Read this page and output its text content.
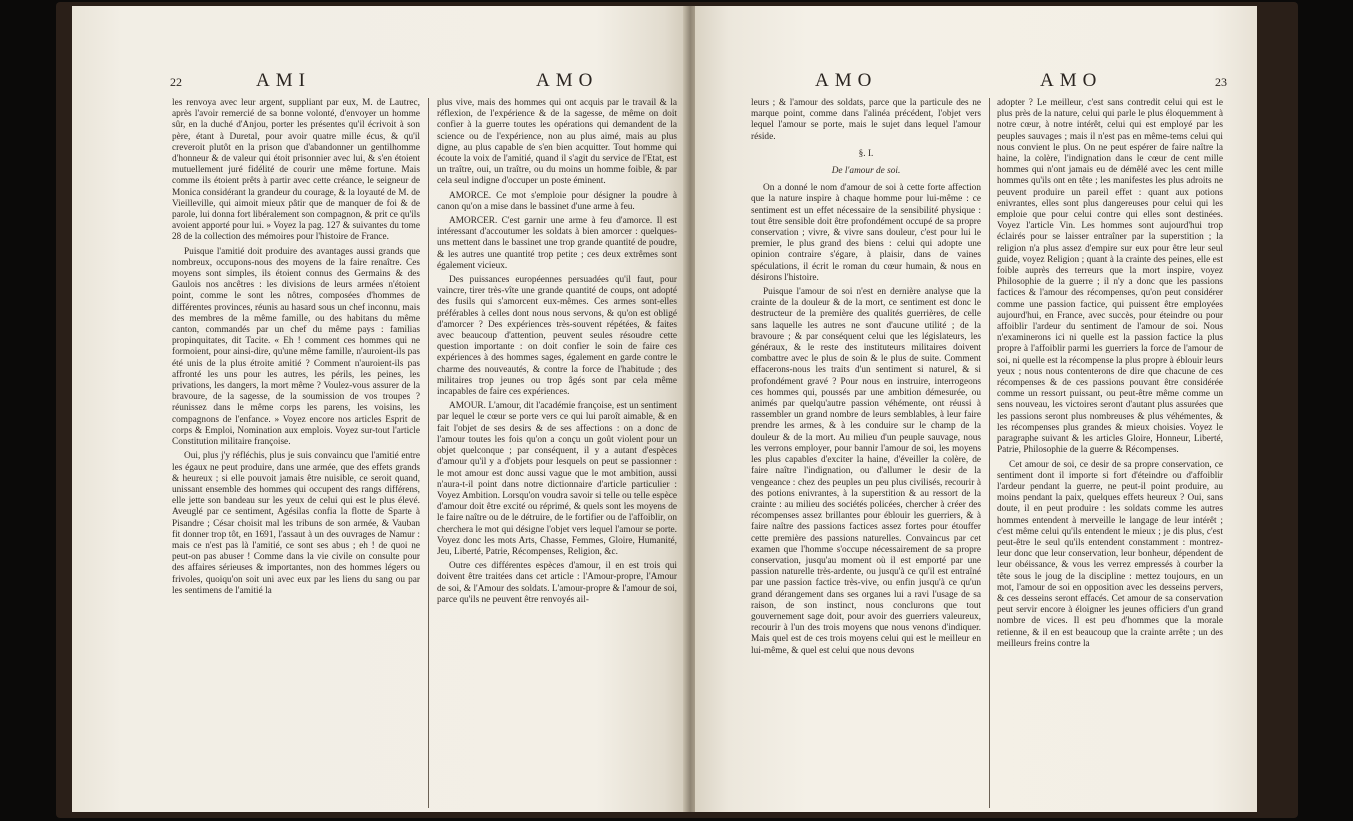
22	AMI	AMO

les renvoya avec leur argent, suppliant par eux, M. de Lautrec, après l'avoir remercié de sa bonne volonté, d'envoyer un homme sûr, en la duché d'Anjou, porter les présentes qu'il écrivoit à son père, étant à Duretal, pour avoir quatre mille écus, & qu'il creveroit plutôt en la prison que d'abandonner un gentilhomme d'honneur & de valeur qui étoit prisonnier avec lui, & s'en étoient mutuellement juré fidélité de courir une même fortune. Mais comme ils étoient prêts à partir avec cette créance, le seigneur de Monica considérant la grandeur du courage, & la loyauté de M. de Vieilleville, qui aimoit mieux pâtir que de manquer de foi & de parole, lui donna fort libéralement son compagnon, & prit ce qu'ils avoient apporté pour lui. » Voyez la pag. 127 & suivantes du tome 28 de la collection des mémoires pour l'histoire de France.

Puisque l'amitié doit produire des avantages aussi grands que nombreux, occupons-nous des moyens de la faire renaître. Ces moyens sont simples, ils étoient connus des Germains & des Gaulois nos ancêtres : les divisions de leurs armées n'étoient point, comme le sont les nôtres, composées d'hommes de différentes provinces, réunis au hasard sous un chef inconnu, mais des membres de la même famille, ou des habitans du même canton, commandés par un chef du même pays : familias propinquitates, dit Tacite. « Eh ! comment ces hommes qui ne formoient, pour ainsi-dire, qu'une même famille, n'auroient-ils pas été unis de la plus étroite amitié ? Comment n'auroient-ils pas affronté les uns pour les autres, les périls, les peines, les privations, les dangers, la mort même ? Voulez-vous assurer de la bravoure, de la sagesse, de la soumission de vos troupes ? réunissez dans le même corps les parens, les voisins, les compagnons de l'enfance. » Voyez encore nos articles Esprit de corps & Emploi, Nomination aux emplois. Voyez sur-tout l'article Constitution militaire françoise.

Oui, plus j'y réfléchis, plus je suis convaincu que l'amitié entre les égaux ne peut produire, dans une armée, que des effets grands & heureux ; si elle pouvoit jamais être nuisible, ce seroit quand, unissant ensemble des hommes qui occupent des rangs différens, elle jette son bandeau sur les yeux de celui qui est le plus élevé. Aveuglé par ce sentiment, Agésilas confia la flotte de Sparte à Pisandre ; César choisit mal les tribuns de son armée, & Vauban fit donner trop tôt, en 1691, l'assaut à un des ouvrages de Namur : mais ce n'est pas là l'amitié, ce sont ses abus ; eh ! de quoi ne peut-on pas abuser ! Comme dans la vie civile on consulte pour des affaires sérieuses & importantes, non des hommes légers ou frivoles, quoiqu'on soit uni avec eux par les liens du sang ou par les sentimens de l'amitié la

plus vive, mais des hommes qui ont acquis par le travail & la réflexion, de l'expérience & de la sagesse, de même on doit confier à la guerre toutes les opérations qui demandent de la science ou de l'expérience, non au plus aimé, mais au plus digne, au plus capable de s'en bien acquitter. Tout homme qui écoute la voix de l'amitié, quand il s'agit du service de l'Etat, est un traître, oui, un traître, ou du moins un homme foible, & par cela seul indigne d'occuper un poste éminent.

AMORCE. Ce mot s'emploie pour désigner la poudre à canon qu'on a mise dans le bassinet d'une arme à feu.

AMORCER. C'est garnir une arme à feu d'amorce. Il est intéressant d'accoutumer les soldats à bien amorcer : quelques-uns mettent dans le bassinet une trop grande quantité de poudre, & les autres une quantité trop petite ; ces deux extrêmes sont également vicieux.

Des puissances européennes persuadées qu'il faut, pour vaincre, tirer très-vîte une grande quantité de coups, ont adopté des fusils qui s'amorcent eux-mêmes. Ces armes sont-elles préférables à celles dont nous nous servons, & qu'on est obligé d'amorcer ? Des expériences très-souvent répétées, & faites avec beaucoup d'attention, peuvent seules résoudre cette question importante : on doit confier le soin de faire ces expériences à des hommes sages, également en garde contre le charme des nouveautés, & contre la force de l'habitude ; des militaires trop jeunes ou trop âgés sont par cela même incapables de faire ces expériences.

AMOUR. L'amour, dit l'académie françoise, est un sentiment par lequel le cœur se porte vers ce qui lui paroît aimable, & en fait l'objet de ses desirs & de ses affections : on a donc de l'amour toutes les fois qu'on a conçu un goût violent pour un objet quelconque ; par conséquent, il y a autant d'espèces d'amour qu'il y a d'objets pour lesquels on peut se passionner : le mot amour est donc aussi vague que le mot ambition, aussi n'aura-t-il point dans notre dictionnaire d'article particulier : Voyez Ambition. Lorsqu'on voudra savoir si telle ou telle espèce d'amour doit être excité ou réprimé, & quels sont les moyens de le faire naître ou de le détruire, de le fortifier ou de l'affoiblir, on cherchera le mot qui désigne l'objet vers lequel l'amour se porte. Voyez donc les mots Arts, Chasse, Femmes, Gloire, Humanité, Jeu, Liberté, Patrie, Récompenses, Religion, &c.

Outre ces différentes espèces d'amour, il en est trois qui doivent être traitées dans cet article : l'Amour-propre, l'Amour de soi, & l'Amour des soldats. L'amour-propre & l'amour de soi, parce qu'ils ne peuvent être renvoyés ail-

AMO	AMO	23

leurs ; & l'amour des soldats, parce que la particule des ne marque point, comme dans l'alinéa précédent, l'objet vers lequel l'amour se porte, mais le sujet dans lequel l'amour réside.

§. I.

De l'amour de soi.

On a donné le nom d'amour de soi à cette forte affection que la nature inspire à chaque homme pour lui-même : ce sentiment est un effet nécessaire de la sensibilité physique : tout être sensible doit être profondément occupé de sa propre conservation ; vivre, & vivre sans douleur, c'est pour lui le premier, le plus grand des biens : celui qui adopte une opinion contraire s'égare, à plaisir, dans de vaines spéculations, il écrit le roman du cœur humain, & nous en désirons l'histoire.

Puisque l'amour de soi n'est en dernière analyse que la crainte de la douleur & de la mort, ce sentiment est donc le destructeur de la première des qualités guerrières, de celle sans laquelle les autres ne sont d'aucune utilité ; de la bravoure ; & par conséquent celui que les législateurs, les généraux, & le reste des instituteurs militaires doivent combattre avec le plus de soin & le plus de suite. Comment effacerons-nous les traits d'un sentiment si naturel, & si profondément gravé ? Pour nous en instruire, interrogeons ces hommes qui, poussés par une ambition démesurée, ou animés par quelqu'autre passion véhémente, ont réussi à rassembler un grand nombre de leurs semblables, à leur faire prendre les armes, & à les conduire sur le champ de la douleur & de la mort. Au milieu d'un peuple sauvage, nous les verrons employer, pour bannir l'amour de soi, les moyens les plus capables d'exciter la haine, d'éveiller la colère, de faire naître l'indignation, ou d'allumer le desir de la vengeance : chez des peuples un peu plus civilisés, recourir à des potions enivrantes, à la superstition & au ressort de la crainte : au milieu des sociétés policées, chercher à créer des récompenses assez brillantes pour éblouir les guerriers, & à faire naître des passions factices assez fortes pour étouffer cette première des passions naturelles. Convaincus par cet examen que l'homme s'occupe nécessairement de sa propre conservation, jusqu'au moment où il est emporté par une passion naturelle très-ardente, ou jusqu'à ce qu'il est entraîné par une passion factice très-vive, ou enfin jusqu'à ce qu'un grand dérangement dans ses organes lui a ravi l'usage de sa raison, de son instinct, nous conclurons que tout gouvernement sage doit, pour avoir des guerriers valeureux, recourir à l'un des trois moyens que nous venons d'indiquer. Mais quel est de ces trois moyens celui qui est le meilleur en lui-même, & quel est celui que nous devons

adopter ? Le meilleur, c'est sans contredit celui qui est le plus près de la nature, celui qui parle le plus éloquemment à notre cœur, à notre intérêt, celui qui est employé par les peuples sauvages ; mais il n'est pas en même-tems celui qui nous convient le plus. On ne peut espérer de faire naître la haine, la colère, l'indignation dans le cœur de cent mille hommes qui n'ont jamais eu de démêlé avec les cent mille hommes qu'ils ont en tête ; les manifestes les plus adroits ne peuvent produire un pareil effet : quant aux potions enivrantes, elles sont plus dangereuses pour celui qui les emploie que pour celui contre qui elles sont destinées. Voyez l'article Vin. Les hommes sont aujourd'hui trop éclairés pour se laisser entraîner par la superstition ; la religion n'a plus assez d'empire sur eux pour être leur seul guide, voyez Religion ; quant à la crainte des peines, elle est foible auprès des terreurs que la mort inspire, voyez Philosophie de la guerre ; il n'y a donc que les passions factices & l'amour des récompenses, qu'on peut considérer comme une passion factice, qui puissent être employées aujourd'hui, en France, avec succès, pour éteindre ou pour affoiblir l'ardeur du sentiment de l'amour de soi. Nous n'examinerons ici ni quelle est la passion factice la plus propre à l'affoiblir parmi les guerriers la force de l'amour de soi, ni quelle est la récompense la plus propre à éblouir leurs yeux ; nous nous contenterons de dire que chacune de ces récompenses & de ces passions pouvant être considérée comme un ressort puissant, ou peut-être même comme un sens nouveau, les victoires seront d'autant plus assurées que les passions seront plus nombreuses & plus véhémentes, & les récompenses plus grandes & mieux choisies. Voyez le paragraphe suivant & les articles Gloire, Honneur, Liberté, Patrie, Philosophie de la guerre & Récompenses.

Cet amour de soi, ce desir de sa propre conservation, ce sentiment dont il importe si fort d'éteindre ou d'affoiblir l'ardeur pendant la guerre, ne peut-il point produire, au moins pendant la paix, quelques effets heureux ? Oui, sans doute, il en peut produire : les soldats comme les autres hommes entendent à merveille le langage de leur intérêt ; c'est même celui qu'ils entendent le mieux ; je dis plus, c'est peut-être le seul qu'ils entendent constamment : montrez-leur donc que leur conservation, leur bonheur, dépendent de leur obéissance, & vous les verrez empressés à courber la tête sous le joug de la discipline : mettez toujours, en un mot, l'amour de soi en opposition avec les desseins pervers, & ces desseins seront effacés. Cet amour de sa conservation peut servir encore à éloigner les jeunes officiers d'un grand nombre de vices. Il est peu d'hommes que la morale retienne, & il en est beaucoup que la crainte arrête ; un des meilleurs freins contre la
